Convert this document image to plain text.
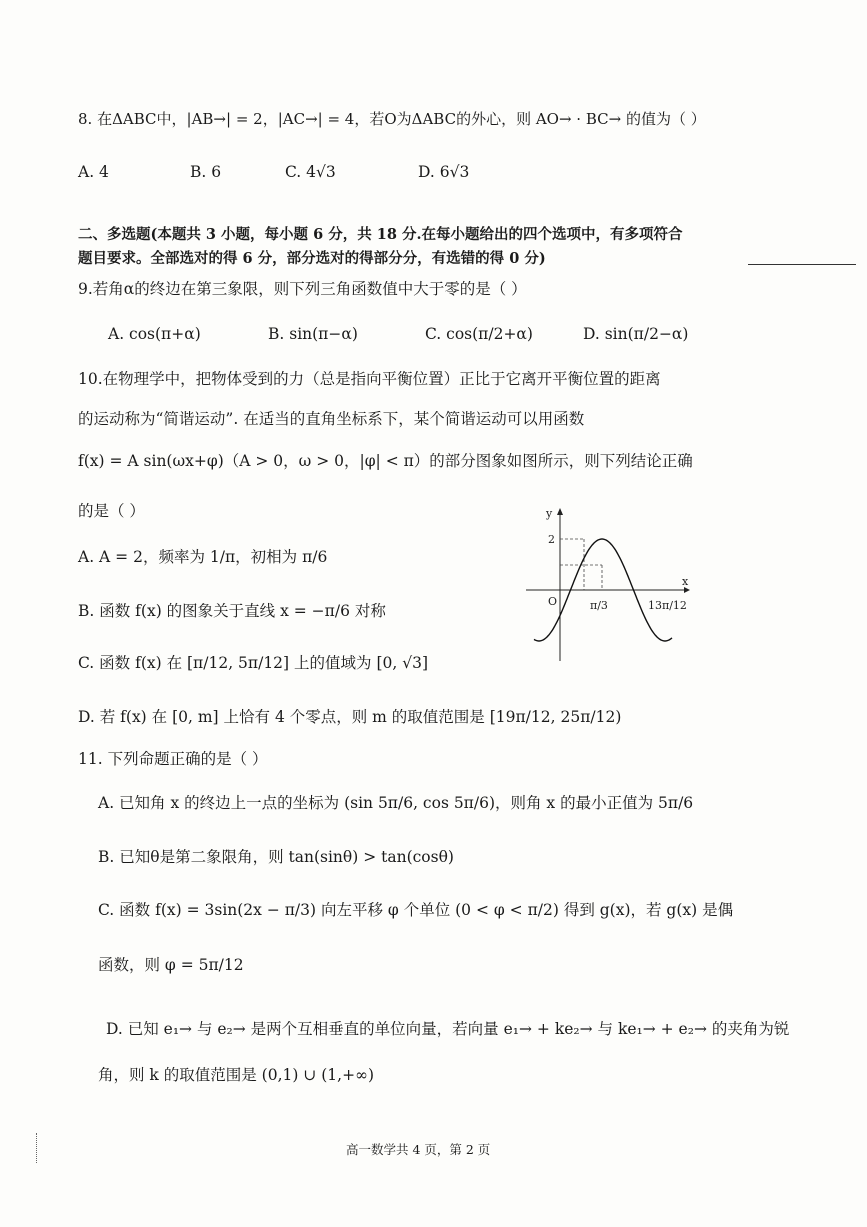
8. 在ΔABC中，|AB→| = 2，|AC→| = 4，若O为ΔABC的外心，则 AO→ · BC→ 的值为（ ）
A. 4	B. 6	C. 4√3	D. 6√3
二、多选题(本题共 3 小题，每小题 6 分，共 18 分.在每小题给出的四个选项中，有多项符合
题目要求。全部选对的得 6 分，部分选对的得部分分，有选错的得 0 分)
9.若角α的终边在第三象限，则下列三角函数值中大于零的是（ ）
A. cos(π+α)	B. sin(π−α)	C. cos(π/2+α)	D. sin(π/2−α)
10.在物理学中，把物体受到的力（总是指向平衡位置）正比于它离开平衡位置的距离
的运动称为“简谐运动”. 在适当的直角坐标系下，某个简谐运动可以用函数
f(x) = A sin(ωx+φ)（A > 0，ω > 0，|φ| < π）的部分图象如图所示，则下列结论正确
的是（ ）
A. A = 2，频率为 1/π，初相为 π/6
B. 函数 f(x) 的图象关于直线 x = −π/6 对称
C. 函数 f(x) 在 [π/12, 5π/12] 上的值域为 [0, √3]
D. 若 f(x) 在 [0, m] 上恰有 4 个零点，则 m 的取值范围是 [19π/12, 25π/12)
y
x
O
2
π/3	13π/12
11. 下列命题正确的是（ ）
A. 已知角 x 的终边上一点的坐标为 (sin 5π/6, cos 5π/6)，则角 x 的最小正值为 5π/6
B. 已知θ是第二象限角，则 tan(sinθ) > tan(cosθ)
C. 函数 f(x) = 3sin(2x − π/3) 向左平移 φ 个单位 (0 < φ < π/2) 得到 g(x)，若 g(x) 是偶
函数，则 φ = 5π/12
D. 已知 e₁→ 与 e₂→ 是两个互相垂直的单位向量，若向量 e₁→ + ke₂→ 与 ke₁→ + e₂→ 的夹角为锐
角，则 k 的取值范围是 (0,1) ∪ (1,+∞)
高一数学共 4 页，第 2 页
